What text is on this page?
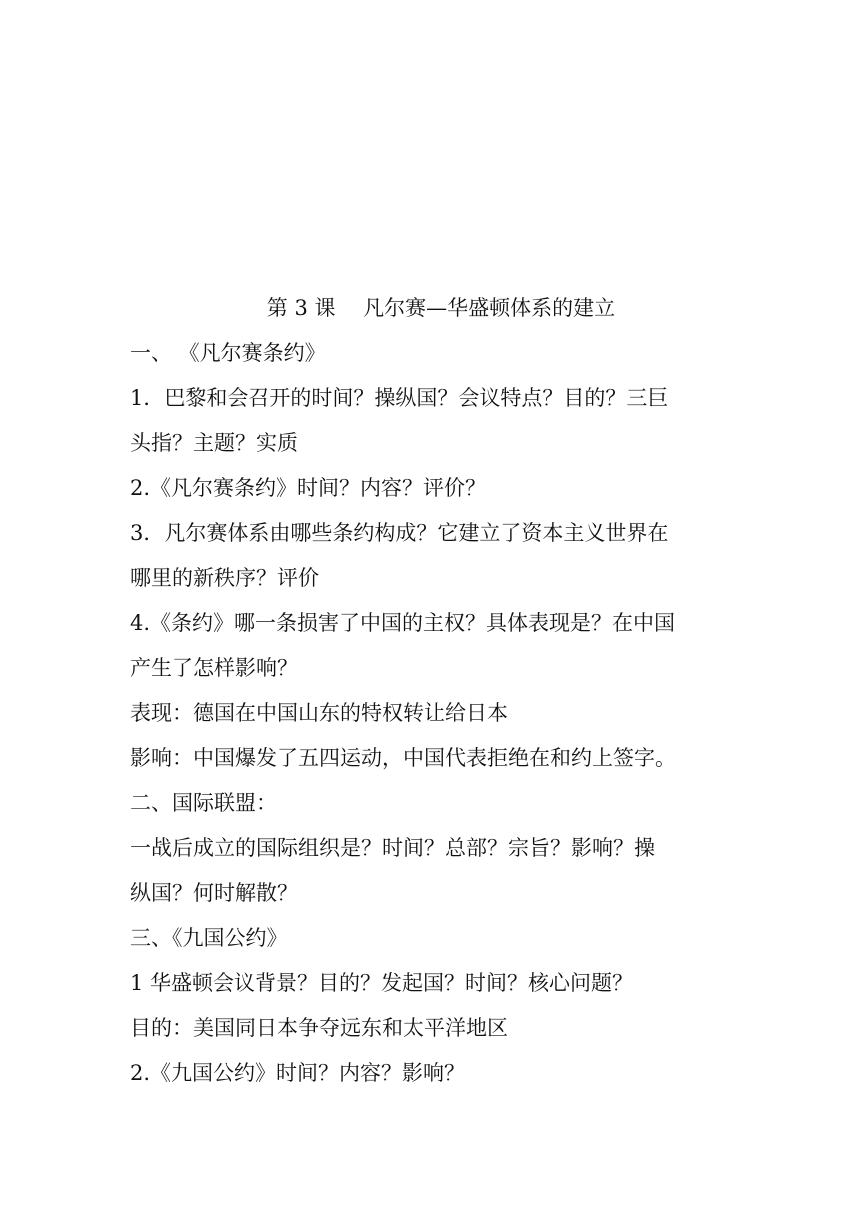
第 3 课　 凡尔赛—华盛顿体系的建立

一、 《凡尔赛条约》

1．巴黎和会召开的时间？操纵国？会议特点？目的？三巨

头指？主题？实质

2.《凡尔赛条约》时间？内容？评价？

3．凡尔赛体系由哪些条约构成？它建立了资本主义世界在

哪里的新秩序？评价

4.《条约》哪一条损害了中国的主权？具体表现是？在中国

产生了怎样影响？

表现：德国在中国山东的特权转让给日本

影响：中国爆发了五四运动，中国代表拒绝在和约上签字。

二、国际联盟：

一战后成立的国际组织是？时间？总部？宗旨？影响？操

纵国？何时解散？

三、《九国公约》

1 华盛顿会议背景？目的？发起国？时间？核心问题？

目的：美国同日本争夺远东和太平洋地区

2.《九国公约》时间？内容？影响？
